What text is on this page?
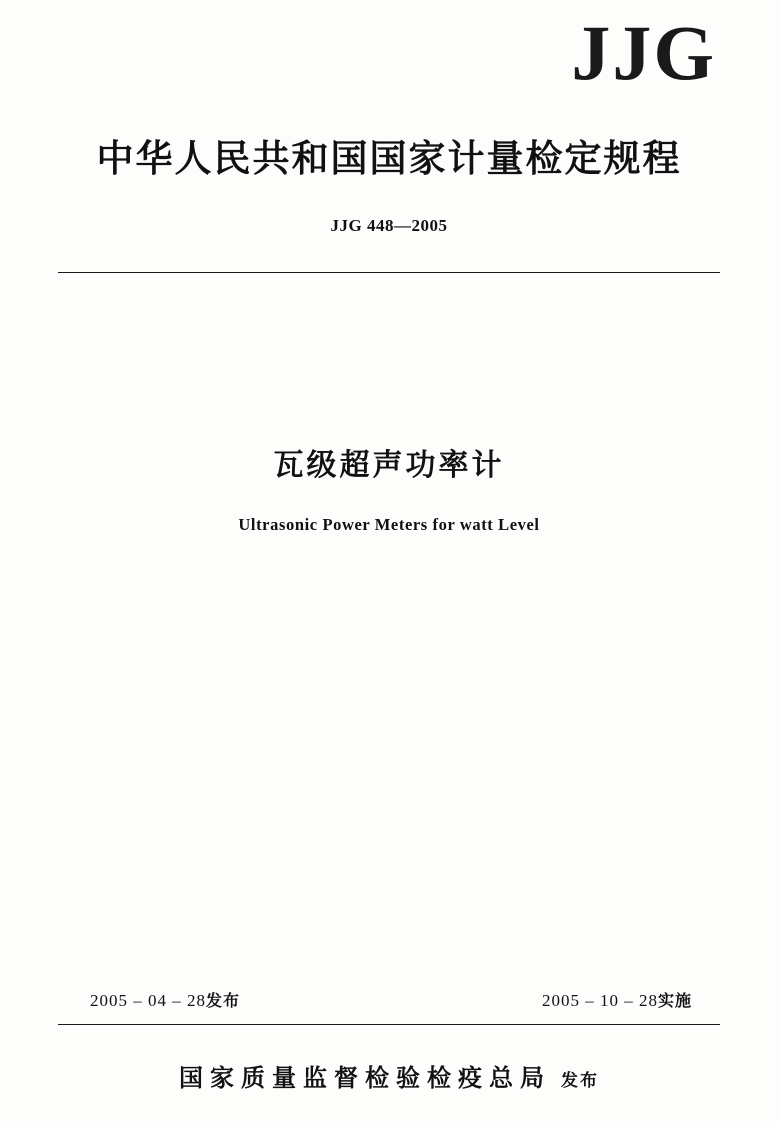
JJG
中华人民共和国国家计量检定规程
JJG 448—2005
瓦级超声功率计
Ultrasonic Power Meters for watt Level
2005 – 04 – 28发布	2005 – 10 – 28实施
国家质量监督检验检疫总局 发布
